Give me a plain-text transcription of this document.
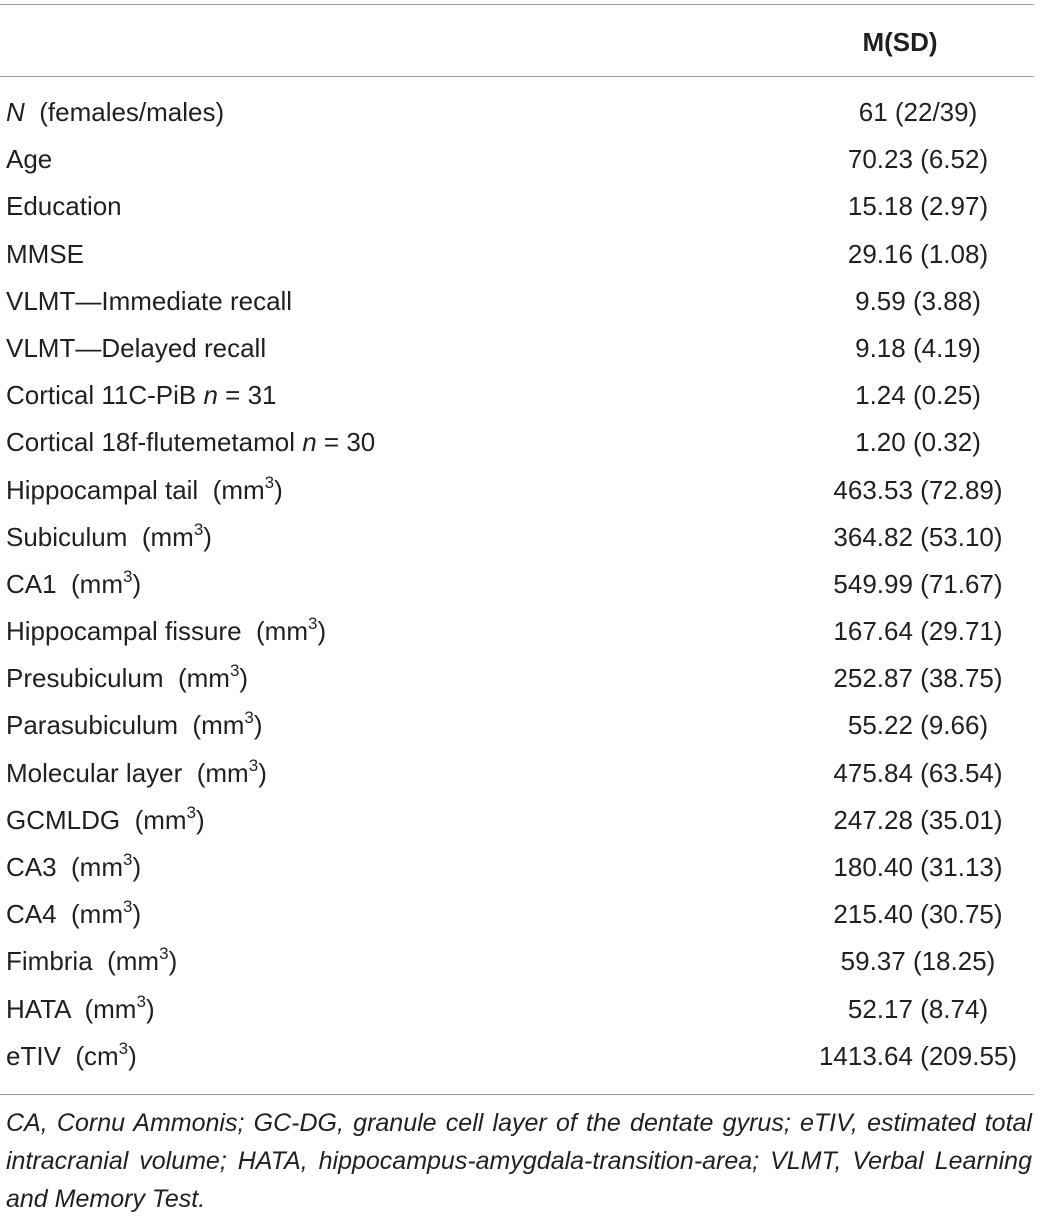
M(SD)
N  (females/males)	61 (22/39)
Age	70.23 (6.52)
Education	15.18 (2.97)
MMSE	29.16 (1.08)
VLMT—Immediate recall	9.59 (3.88)
VLMT—Delayed recall	9.18 (4.19)
Cortical 11C-PiB n = 31	1.24 (0.25)
Cortical 18f-flutemetamol n = 30	1.20 (0.32)
Hippocampal tail  $(mm^3)$	463.53 (72.89)
Subiculum  $(mm^3)$	364.82 (53.10)
CA1  $(mm^3)$	549.99 (71.67)
Hippocampal fissure  $(mm^3)$	167.64 (29.71)
Presubiculum  $(mm^3)$	252.87 (38.75)
Parasubiculum  $(mm^3)$	55.22 (9.66)
Molecular layer  $(mm^3)$	475.84 (63.54)
GCMLDG  $(mm^3)$	247.28 (35.01)
CA3  $(mm^3)$	180.40 (31.13)
CA4  $(mm^3)$	215.40 (30.75)
Fimbria  $(mm^3)$	59.37 (18.25)
HATA  $(mm^3)$	52.17 (8.74)
eTIV  $(cm^3)$	1413.64 (209.55)
CA, Cornu Ammonis; GC-DG, granule cell layer of the dentate gyrus; eTIV, estimated total intracranial volume; HATA, hippocampus-amygdala-transition-area; VLMT, Verbal Learning and Memory Test.
